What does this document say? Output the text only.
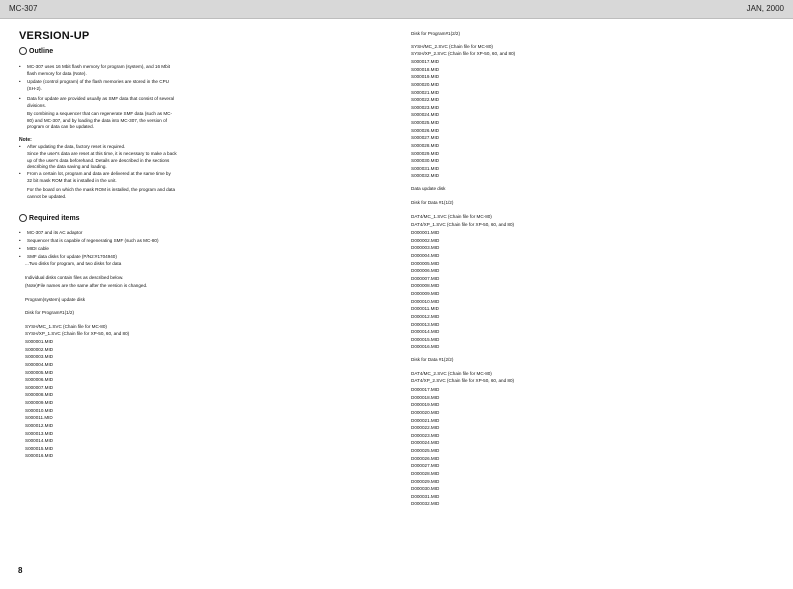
MC-307	JAN, 2000
VERSION-UP
Outline
• MC-307 uses 16 Mbit flash memory for program (system), and 16 Mbit flash memory for data (Note).
• Update (control program) of the flash memories are stored in the CPU (SH-2).
• Data for update are provided usually as SMF data that consist of several divisions.
By combining a sequencer that can regenerate SMF data (such as MC-80) and MC-307, and by loading the data into MC-307, the version of program or data can be updated.
Note:
• After updating the data, factory reset is required.
Since the user's data are reset at this time, it is necessary to make a back up of the user's data beforehand. Details are described in the sections describing the data saving and loading.
• From a certain lot, program and data are delivered at the same time by 32 bit mask ROM that is installed in the unit.
For the board on which the mask ROM is installed, the program and data cannot be updated.
Required items
• MC-307 and its AC adaptor
• Sequencer that is capable of regenerating SMF (such as MC-80)
• MIDI cable
• SMF data disks for update (P/N2:#1704940)
...Two disks for program, and two disks for data
Individual disks contain files as described below.
(Note)File names are the same after the version is changed.
Program(system) update disk
Disk for Program#1(1/2)
SYSH/MC_1.SVC (Chain file for MC-80)
SYSH/XP_1.SVC (Chain file for XP-50, 60, and 80)
S000001.MID
S000002.MID
S000003.MID
S000004.MID
S000005.MID
S000006.MID
S000007.MID
S000008.MID
S000009.MID
S000010.MID
S000011.MID
S000012.MID
S000013.MID
S000014.MID
S000015.MID
S000016.MID
Disk for Program#1(2/2)
SYSH/MC_2.SVC (Chain file for MC-80)
SYSH/XP_2.SVC (Chain file for XP-50, 60, and 80)
S000017.MID
S000018.MID
S000019.MID
S000020.MID
S000021.MID
S000022.MID
S000023.MID
S000024.MID
S000025.MID
S000026.MID
S000027.MID
S000028.MID
S000029.MID
S000030.MID
S000031.MID
S000032.MID
Data update disk
Disk for Data #1(1/2)
DAT4/MC_1.SVC (Chain file for MC-80)
DAT4/XP_1.SVC (Chain file for XP-50, 60, and 80)
D000001.MID
D000002.MID
D000003.MID
D000004.MID
D000005.MID
D000006.MID
D000007.MID
D000008.MID
D000009.MID
D000010.MID
D000011.MID
D000012.MID
D000013.MID
D000014.MID
D000015.MID
D000016.MID
Disk for Data #1(2/2)
DAT4/MC_2.SVC (Chain file for MC-80)
DAT4/XP_2.SVC (Chain file for XP-50, 60, and 80)
D000017.MID
D000018.MID
D000019.MID
D000020.MID
D000021.MID
D000022.MID
D000023.MID
D000024.MID
D000025.MID
D000026.MID
D000027.MID
D000028.MID
D000029.MID
D000030.MID
D000031.MID
D000032.MID
8
